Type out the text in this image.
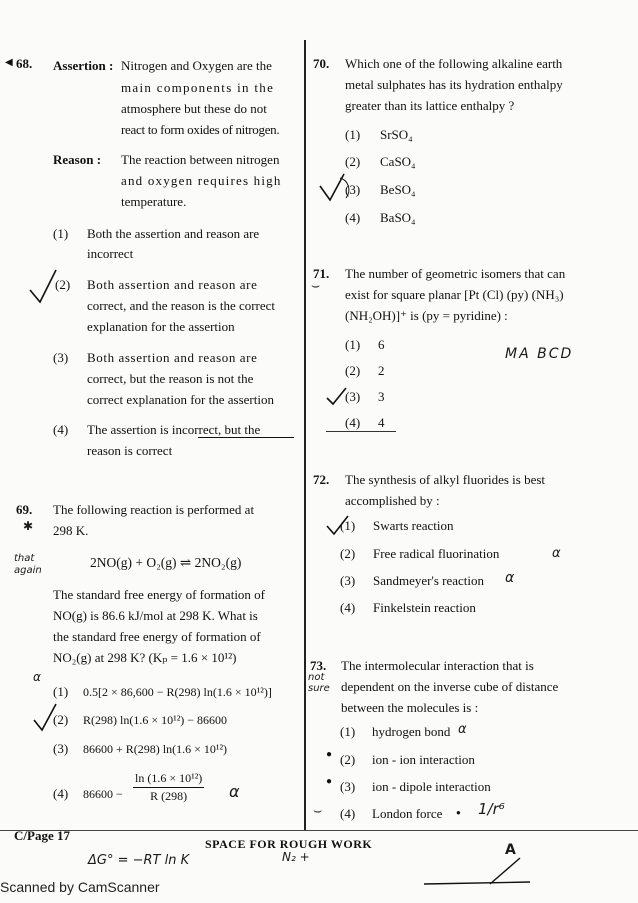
◀ 68. Assertion : Nitrogen and Oxygen are the
main components in the
atmosphere but these do not
react to form oxides of nitrogen.
Reason : The reaction between nitrogen
and oxygen requires high
temperature.
(1) Both the assertion and reason are
incorrect
(2) Both assertion and reason are
correct, and the reason is the correct
explanation for the assertion
(3) Both assertion and reason are
correct, but the reason is not the
correct explanation for the assertion
(4) The assertion is incorrect, but the
reason is correct
69. The following reaction is performed at
298 K.
✱
that again
2NO(g) + O₂(g) ⇌ 2NO₂(g)
The standard free energy of formation of
NO(g) is 86.6 kJ/mol at 298 K. What is
the standard free energy of formation of
NO₂(g) at 298 K? (Kₚ = 1.6 × 10¹²)
α
(1) 0.5[2 × 86,600 − R(298) ln(1.6 × 10¹²)]
(2) R(298) ln(1.6 × 10¹²) − 86600
(3) 86600 + R(298) ln(1.6 × 10¹²)
(4) $86600 - \frac{\text{ln (1.6 × 10¹²)}}{R (298)}$ α
70. Which one of the following alkaline earth
metal sulphates has its hydration enthalpy
greater than its lattice enthalpy ?
(1) SrSO₄
(2) CaSO₄
(3) BeSO₄
(4) BaSO₄
71.
⌣
The number of geometric isomers that can
exist for square planar [Pt (Cl) (py) (NH₃)
(NH₂OH)]⁺ is (py = pyridine) :
(1) 6
MA BCD
(2) 2
(3) 3
(4) 4
72. The synthesis of alkyl fluorides is best
accomplished by :
(1) Swarts reaction
(2) Free radical fluorination	α
(3) Sandmeyer's reaction α
(4) Finkelstein reaction
73.
not sure
The intermolecular interaction that is
dependent on the inverse cube of distance
between the molecules is :
(1) hydrogen bond α
● (2) ion - ion interaction
● (3) ion - dipole interaction
⌣ (4) London force ● 1/r⁶
C/Page 17
SPACE FOR ROUGH WORK
ΔG° = −RT ln K	N₂ +	A
Scanned by CamScanner
